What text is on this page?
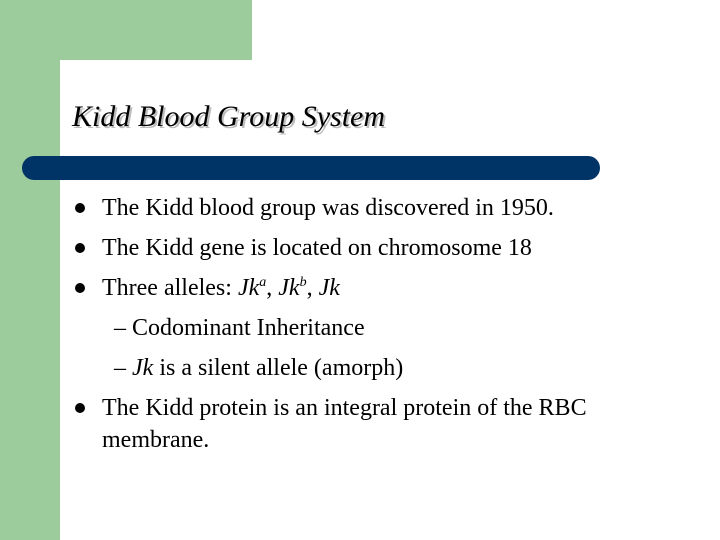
Kidd Blood Group System
The Kidd blood group was discovered in 1950.
The Kidd gene is located on chromosome 18
Three alleles: Jk$^a$, Jk$^b$, Jk
– Codominant Inheritance
– Jk is a silent allele (amorph)
The Kidd protein is an integral protein of the RBC
membrane.
